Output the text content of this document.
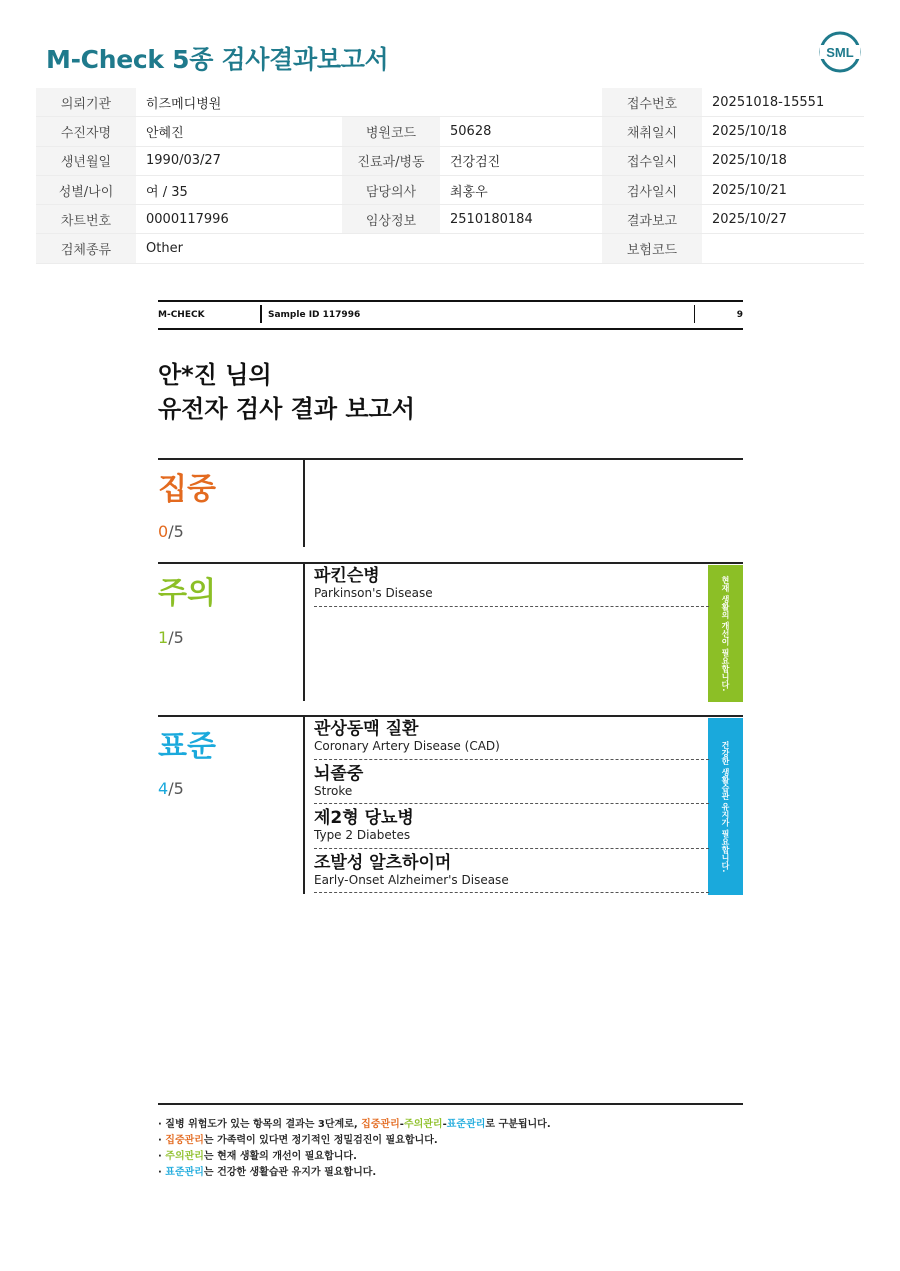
M-Check 5종 검사결과보고서	SML
의뢰기관	히즈메디병원			접수번호	20251018-15551
수진자명	안혜진	병원코드	50628	채취일시	2025/10/18
생년월일	1990/03/27	진료과/병동	건강검진	접수일시	2025/10/18
성별/나이	여 / 35	담당의사	최홍우	검사일시	2025/10/21
차트번호	0000117996	임상정보	2510180184	결과보고	2025/10/27
검체종류	Other			보험코드	
M-CHECK	Sample ID 117996	9
안*진 님의
유전자 검사 결과 보고서
집중
0/5
주의
1/5	현재 생활의 개선이 필요합니다.
파킨슨병
Parkinson's Disease
표준
4/5	건강한 생활습관 유지가 필요합니다.
관상동맥 질환
Coronary Artery Disease (CAD)
뇌졸중
Stroke
제2형 당뇨병
Type 2 Diabetes
조발성 알츠하이머
Early-Onset Alzheimer's Disease
· 질병 위험도가 있는 항목의 결과는 3단계로, 집중관리-주의관리-표준관리로 구분됩니다.
· 집중관리는 가족력이 있다면 정기적인 정밀검진이 필요합니다.
· 주의관리는 현재 생활의 개선이 필요합니다.
· 표준관리는 건강한 생활습관 유지가 필요합니다.
